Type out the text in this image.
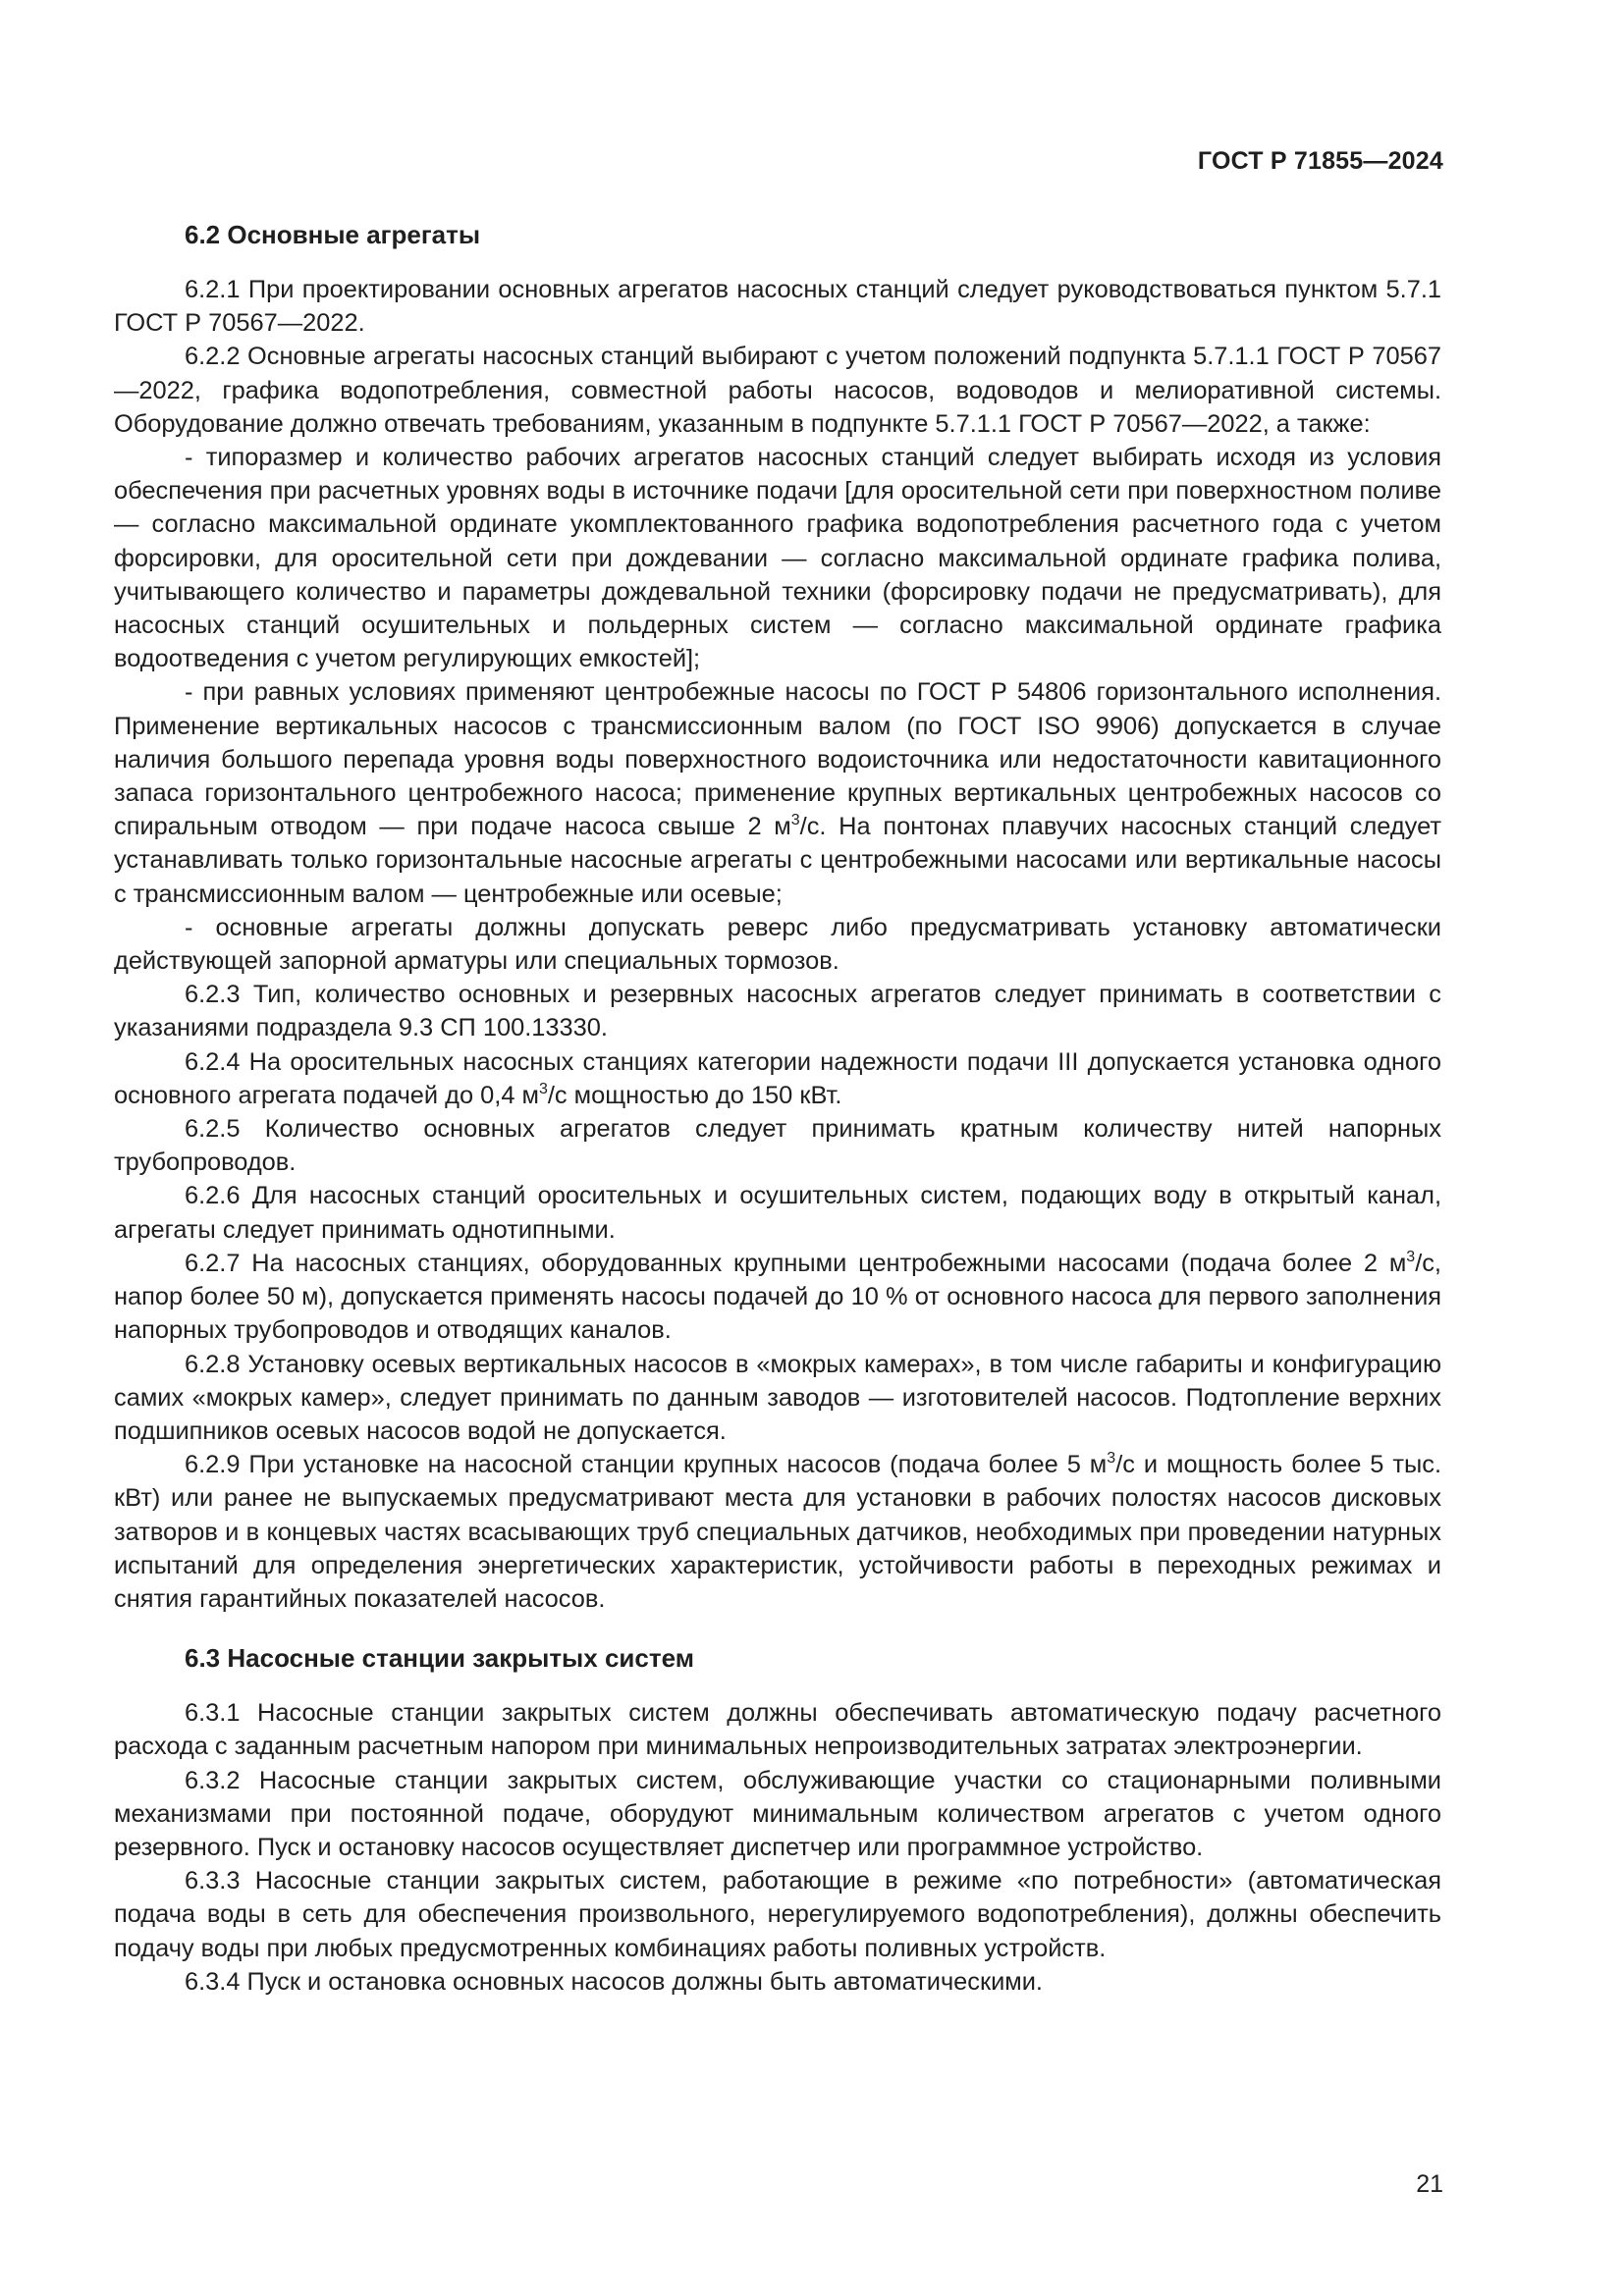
ГОСТ Р 71855—2024
6.2 Основные агрегаты

6.2.1 При проектировании основных агрегатов насосных станций следует руководствоваться пунктом 5.7.1 ГОСТ Р 70567—2022.

6.2.2 Основные агрегаты насосных станций выбирают с учетом положений подпункта 5.7.1.1 ГОСТ Р 70567—2022, графика водопотребления, совместной работы насосов, водоводов и мелиоративной системы. Оборудование должно отвечать требованиям, указанным в подпункте 5.7.1.1 ГОСТ Р 70567—2022, а также:

- типоразмер и количество рабочих агрегатов насосных станций следует выбирать исходя из условия обеспечения при расчетных уровнях воды в источнике подачи [для оросительной сети при поверхностном поливе — согласно максимальной ординате укомплектованного графика водопотребления расчетного года с учетом форсировки, для оросительной сети при дождевании — согласно максимальной ординате графика полива, учитывающего количество и параметры дождевальной техники (форсировку подачи не предусматривать), для насосных станций осушительных и польдерных систем — согласно максимальной ординате графика водоотведения с учетом регулирующих емкостей];

- при равных условиях применяют центробежные насосы по ГОСТ Р 54806 горизонтального исполнения. Применение вертикальных насосов с трансмиссионным валом (по ГОСТ ISO 9906) допускается в случае наличия большого перепада уровня воды поверхностного водоисточника или недостаточности кавитационного запаса горизонтального центробежного насоса; применение крупных вертикальных центробежных насосов со спиральным отводом — при подаче насоса свыше 2 $м^3/с$. На понтонах плавучих насосных станций следует устанавливать только горизонтальные насосные агрегаты с центробежными насосами или вертикальные насосы с трансмиссионным валом — центробежные или осевые;

- основные агрегаты должны допускать реверс либо предусматривать установку автоматически действующей запорной арматуры или специальных тормозов.

6.2.3 Тип, количество основных и резервных насосных агрегатов следует принимать в соответствии с указаниями подраздела 9.3 СП 100.13330.

6.2.4 На оросительных насосных станциях категории надежности подачи III допускается установка одного основного агрегата подачей до 0,4 $м^3/с$ мощностью до 150 кВт.

6.2.5 Количество основных агрегатов следует принимать кратным количеству нитей напорных трубопроводов.

6.2.6 Для насосных станций оросительных и осушительных систем, подающих воду в открытый канал, агрегаты следует принимать однотипными.

6.2.7 На насосных станциях, оборудованных крупными центробежными насосами (подача более 2 $м^3/с$, напор более 50 м), допускается применять насосы подачей до 10 % от основного насоса для первого заполнения напорных трубопроводов и отводящих каналов.

6.2.8 Установку осевых вертикальных насосов в «мокрых камерах», в том числе габариты и конфигурацию самих «мокрых камер», следует принимать по данным заводов — изготовителей насосов. Подтопление верхних подшипников осевых насосов водой не допускается.

6.2.9 При установке на насосной станции крупных насосов (подача более 5 $м^3/с$ и мощность более 5 тыс. кВт) или ранее не выпускаемых предусматривают места для установки в рабочих полостях насосов дисковых затворов и в концевых частях всасывающих труб специальных датчиков, необходимых при проведении натурных испытаний для определения энергетических характеристик, устойчивости работы в переходных режимах и снятия гарантийных показателей насосов.

6.3 Насосные станции закрытых систем

6.3.1 Насосные станции закрытых систем должны обеспечивать автоматическую подачу расчетного расхода с заданным расчетным напором при минимальных непроизводительных затратах электроэнергии.

6.3.2 Насосные станции закрытых систем, обслуживающие участки со стационарными поливными механизмами при постоянной подаче, оборудуют минимальным количеством агрегатов с учетом одного резервного. Пуск и остановку насосов осуществляет диспетчер или программное устройство.

6.3.3 Насосные станции закрытых систем, работающие в режиме «по потребности» (автоматическая подача воды в сеть для обеспечения произвольного, нерегулируемого водопотребления), должны обеспечить подачу воды при любых предусмотренных комбинациях работы поливных устройств.

6.3.4 Пуск и остановка основных насосов должны быть автоматическими.

21
